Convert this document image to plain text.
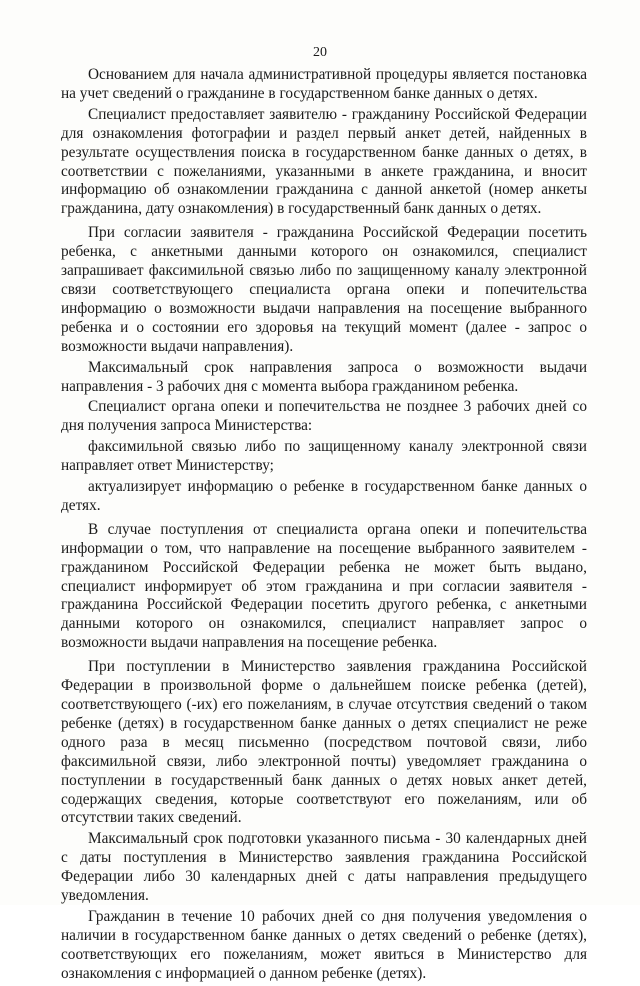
20

Основанием для начала административной процедуры является постановка на учет сведений о гражданине в государственном банке данных о детях.

Специалист предоставляет заявителю - гражданину Российской Федерации для ознакомления фотографии и раздел первый анкет детей, найденных в результате осуществления поиска в государственном банке данных о детях, в соответствии с пожеланиями, указанными в анкете гражданина, и вносит информацию об ознакомлении гражданина с данной анкетой (номер анкеты гражданина, дату ознакомления) в государственный банк данных о детях.

При согласии заявителя - гражданина Российской Федерации посетить ребенка, с анкетными данными которого он ознакомился, специалист запрашивает факсимильной связью либо по защищенному каналу электронной связи соответствующего специалиста органа опеки и попечительства информацию о возможности выдачи направления на посещение выбранного ребенка и о состоянии его здоровья на текущий момент (далее - запрос о возможности выдачи направления).

Максимальный срок направления запроса о возможности выдачи направления - 3 рабочих дня с момента выбора гражданином ребенка.

Специалист органа опеки и попечительства не позднее 3 рабочих дней со дня получения запроса Министерства:

факсимильной связью либо по защищенному каналу электронной связи направляет ответ Министерству;

актуализирует информацию о ребенке в государственном банке данных о детях.

В случае поступления от специалиста органа опеки и попечительства информации о том, что направление на посещение выбранного заявителем - гражданином Российской Федерации ребенка не может быть выдано, специалист информирует об этом гражданина и при согласии заявителя - гражданина Российской Федерации посетить другого ребенка, с анкетными данными которого он ознакомился, специалист направляет запрос о возможности выдачи направления на посещение ребенка.

При поступлении в Министерство заявления гражданина Российской Федерации в произвольной форме о дальнейшем поиске ребенка (детей), соответствующего (-их) его пожеланиям, в случае отсутствия сведений о таком ребенке (детях) в государственном банке данных о детях специалист не реже одного раза в месяц письменно (посредством почтовой связи, либо факсимильной связи, либо электронной почты) уведомляет гражданина о поступлении в государственный банк данных о детях новых анкет детей, содержащих сведения, которые соответствуют его пожеланиям, или об отсутствии таких сведений.

Максимальный срок подготовки указанного письма - 30 календарных дней с даты поступления в Министерство заявления гражданина Российской Федерации либо 30 календарных дней с даты направления предыдущего уведомления.

Гражданин в течение 10 рабочих дней со дня получения уведомления о наличии в государственном банке данных о детях сведений о ребенке (детях), соответствующих его пожеланиям, может явиться в Министерство для ознакомления с информацией о данном ребенке (детях).
